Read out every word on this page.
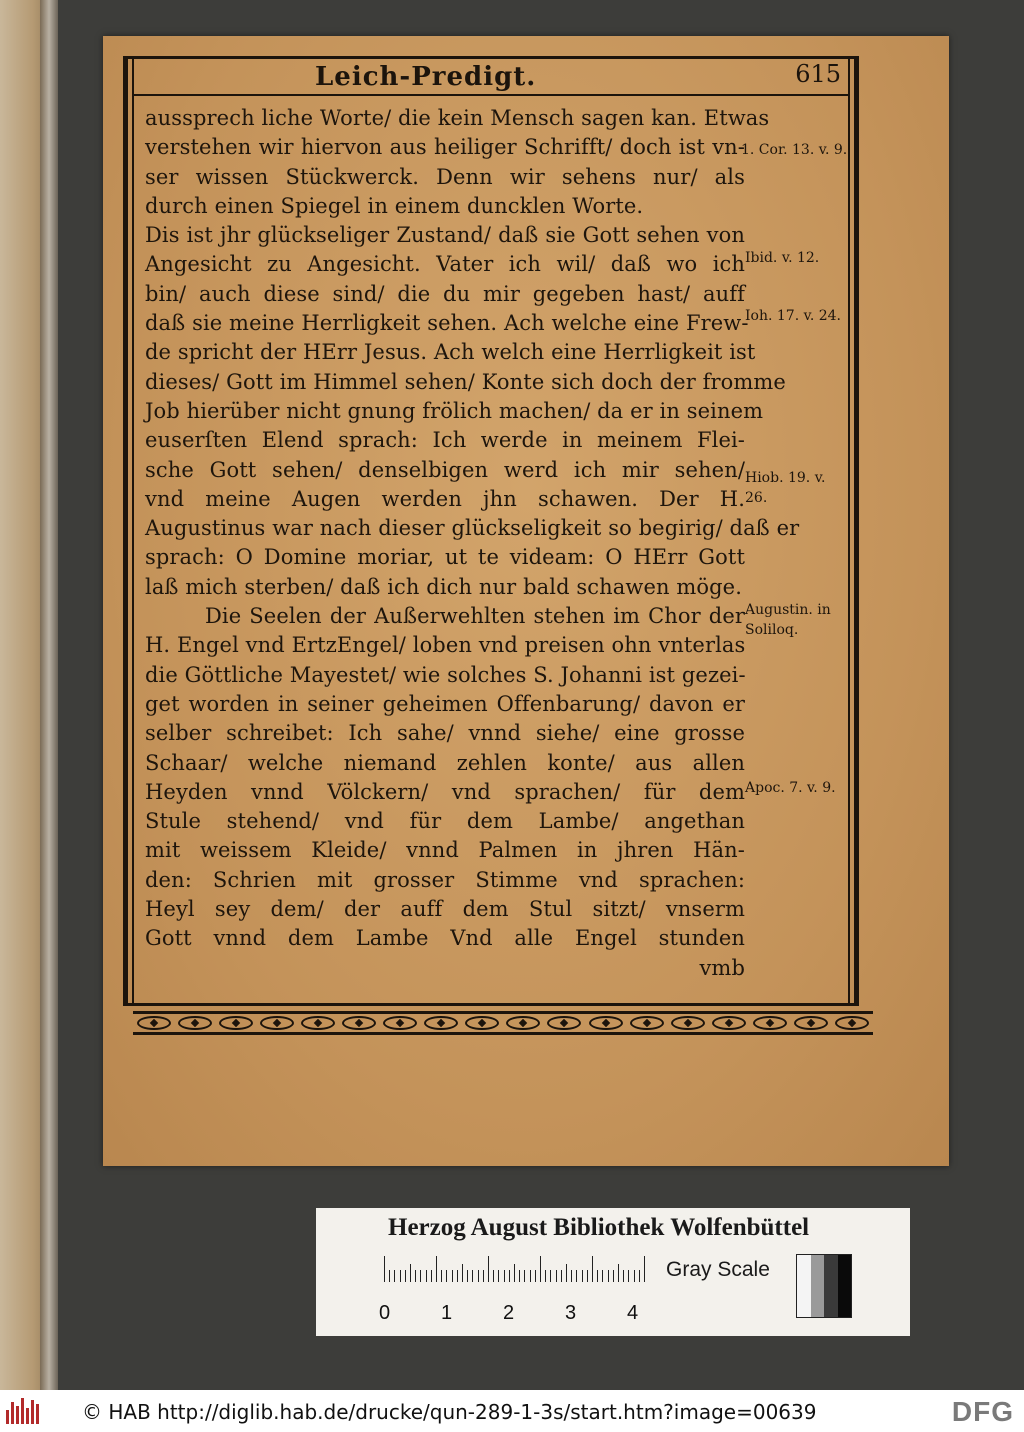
Leich-Predigt.	615
aussprech liche Worte/ die kein Mensch sagen kan. Etwas
verstehen wir hiervon aus heiliger Schrifft/ doch ist vn-
ser wissen Stückwerck. Denn wir sehens nur/ als
durch einen Spiegel in einem duncklen Worte.
Dis ist jhr glückseliger Zustand/ daß sie Gott sehen von
Angesicht zu Angesicht. Vater ich wil/ daß wo ich
bin/ auch diese sind/ die du mir gegeben hast/ auff
daß sie meine Herrligkeit sehen. Ach welche eine Frew-
de spricht der HErr Jesus. Ach welch eine Herrligkeit ist
dieses/ Gott im Himmel sehen/ Konte sich doch der fromme
Job hierüber nicht gnung frölich machen/ da er in seinem
euserſten Elend sprach: Ich werde in meinem Flei-
sche Gott sehen/ denselbigen werd ich mir sehen/
vnd meine Augen werden jhn schawen. Der H.
Augustinus war nach dieser glückseligkeit so begirig/ daß er
sprach: O Domine moriar, ut te videam: O HErr Gott
laß mich sterben/ daß ich dich nur bald schawen möge.
Die Seelen der Außerwehlten stehen im Chor der
H. Engel vnd ErtzEngel/ loben vnd preisen ohn vnterlas
die Göttliche Mayestet/ wie solches S. Johanni ist gezei-
get worden in seiner geheimen Offenbarung/ davon er
selber schreibet: Ich sahe/ vnnd siehe/ eine grosse
Schaar/ welche niemand zehlen konte/ aus allen
Heyden vnnd Völckern/ vnd sprachen/ für dem
Stule stehend/ vnd für dem Lambe/ angethan
mit weissem Kleide/ vnnd Palmen in jhren Hän-
den: Schrien mit grosser Stimme vnd sprachen:
Heyl sey dem/ der auff dem Stul sitzt/ vnserm
Gott vnnd dem Lambe Vnd alle Engel stunden
vmb
1. Cor. 13. v. 9.
Ibid. v. 12.
Ioh. 17. v. 24.
Hiob. 19. v.
26.
Augustin. in
Soliloq.
Apoc. 7. v. 9.
Herzog August Bibliothek Wolfenbüttel
0	1	2	3	4
Gray Scale
© HAB http://diglib.hab.de/drucke/qun-289-1-3s/start.htm?image=00639	DFG
